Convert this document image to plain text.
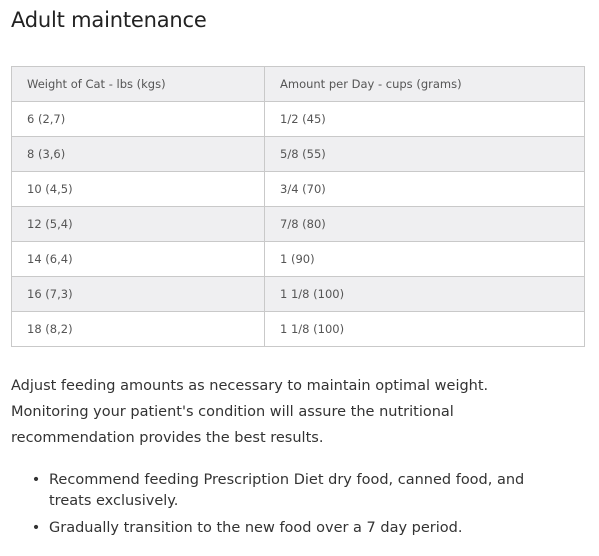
Adult maintenance
Weight of Cat - lbs (kgs)	Amount per Day - cups (grams)
6 (2,7)	1/2 (45)
8 (3,6)	5/8 (55)
10 (4,5)	3/4 (70)
12 (5,4)	7/8 (80)
14 (6,4)	1 (90)
16 (7,3)	1 1/8 (100)
18 (8,2)	1 1/8 (100)

Adjust feeding amounts as necessary to maintain optimal weight.
Monitoring your patient's condition will assure the nutritional
recommendation provides the best results.

• Recommend feeding Prescription Diet dry food, canned food, and
treats exclusively.
• Gradually transition to the new food over a 7 day period.
